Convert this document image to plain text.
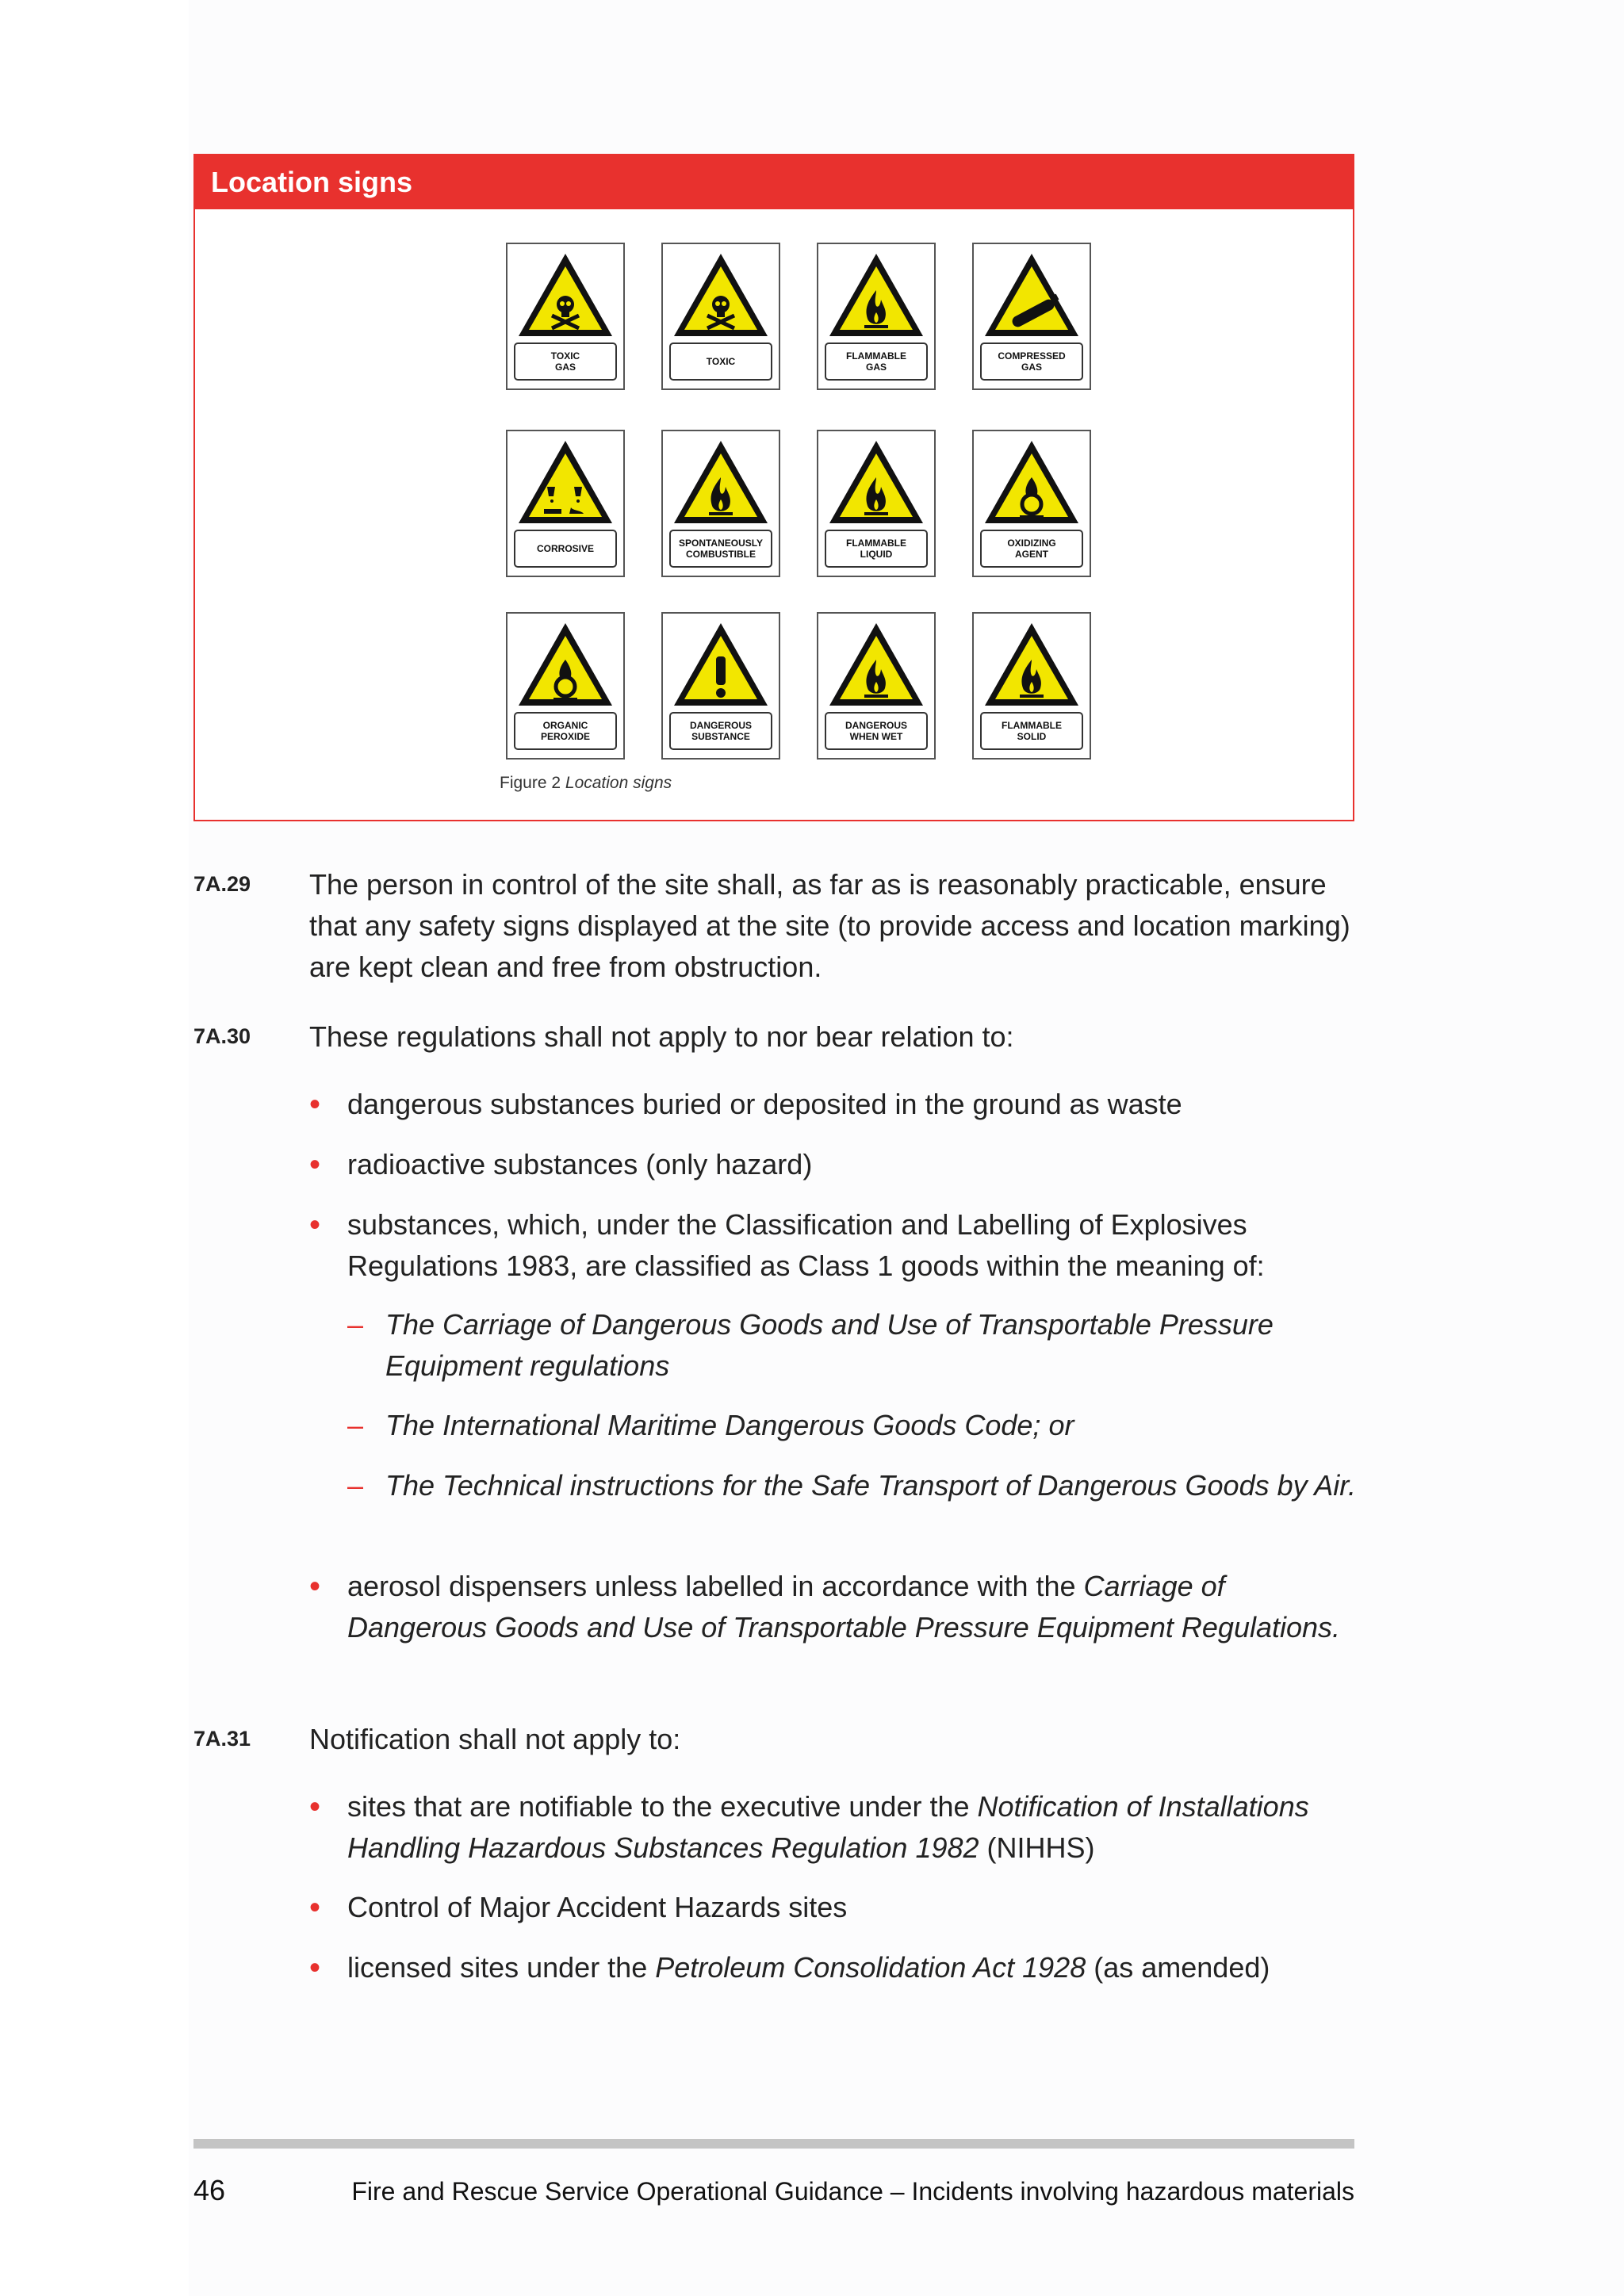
Location signs
TOXIC
GAS	TOXIC	FLAMMABLE
GAS
COMPRESSED
GAS
CORROSIVE	SPONTANEOUSLY
COMBUSTIBLE
FLAMMABLE
LIQUID
OXIDIZING
AGENT
ORGANIC
PEROXIDE
DANGEROUS
SUBSTANCE
DANGEROUS
WHEN WET
FLAMMABLE
SOLID
Figure 2 Location signs
7A.29 The person in control of the site shall, as far as is reasonably practicable, ensure that any safety signs displayed at the site (to provide access and location marking) are kept clean and free from obstruction.
7A.30 These regulations shall not apply to nor bear relation to:
• dangerous substances buried or deposited in the ground as waste
• radioactive substances (only hazard)
• substances, which, under the Classification and Labelling of Explosives Regulations 1983, are classified as Class 1 goods within the meaning of:
– The Carriage of Dangerous Goods and Use of Transportable Pressure Equipment regulations
– The International Maritime Dangerous Goods Code; or
– The Technical instructions for the Safe Transport of Dangerous Goods by Air.
• aerosol dispensers unless labelled in accordance with the Carriage of Dangerous Goods and Use of Transportable Pressure Equipment Regulations.
7A.31 Notification shall not apply to:
• sites that are notifiable to the executive under the Notification of Installations Handling Hazardous Substances Regulation 1982 (NIHHS)
• Control of Major Accident Hazards sites
• licensed sites under the Petroleum Consolidation Act 1928 (as amended)
46	Fire and Rescue Service Operational Guidance – Incidents involving hazardous materials
